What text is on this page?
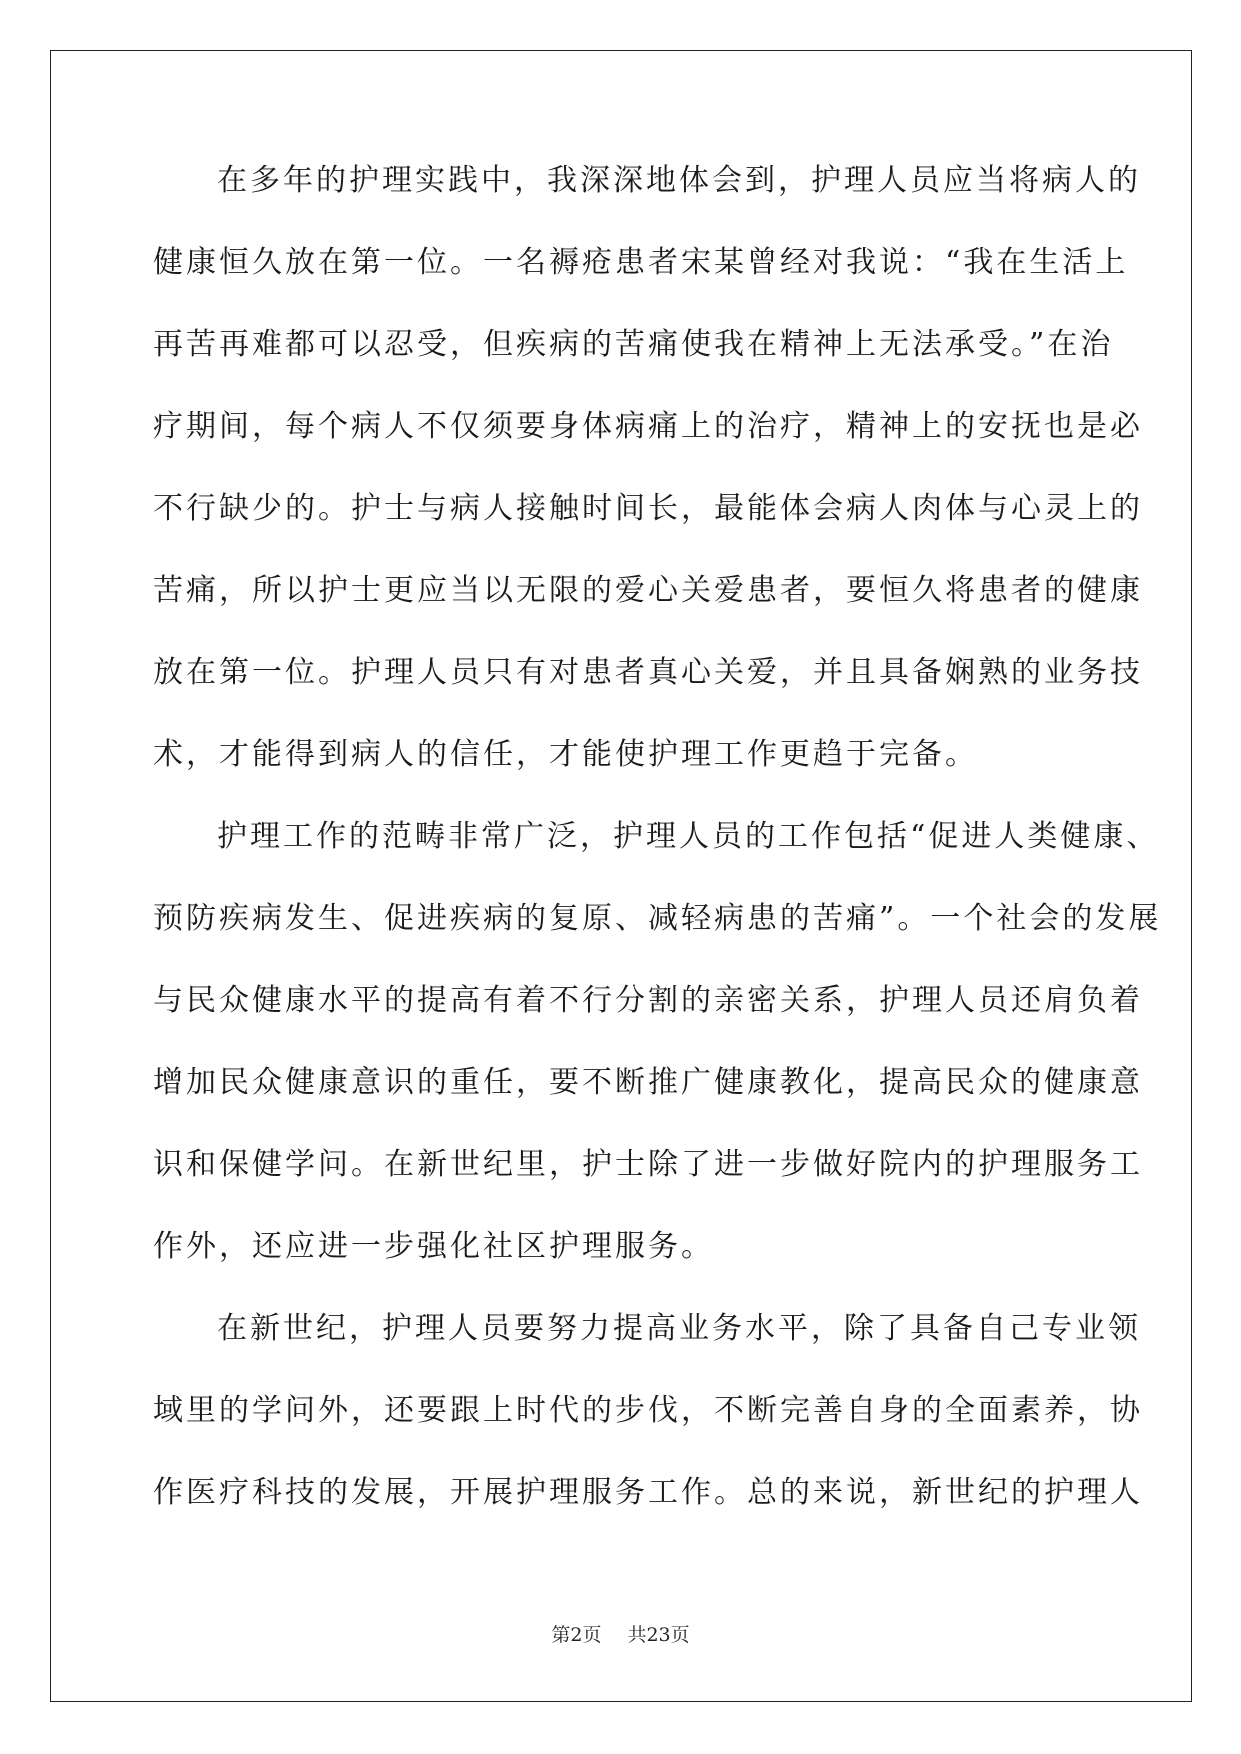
在多年的护理实践中，我深深地体会到，护理人员应当将病人的
健康恒久放在第一位。一名褥疮患者宋某曾经对我说：“我在生活上
再苦再难都可以忍受，但疾病的苦痛使我在精神上无法承受。”在治
疗期间，每个病人不仅须要身体病痛上的治疗，精神上的安抚也是必
不行缺少的。护士与病人接触时间长，最能体会病人肉体与心灵上的
苦痛，所以护士更应当以无限的爱心关爱患者，要恒久将患者的健康
放在第一位。护理人员只有对患者真心关爱，并且具备娴熟的业务技
术，才能得到病人的信任，才能使护理工作更趋于完备。
护理工作的范畴非常广泛，护理人员的工作包括“促进人类健康、
预防疾病发生、促进疾病的复原、减轻病患的苦痛”。一个社会的发展
与民众健康水平的提高有着不行分割的亲密关系，护理人员还肩负着
增加民众健康意识的重任，要不断推广健康教化，提高民众的健康意
识和保健学问。在新世纪里，护士除了进一步做好院内的护理服务工
作外，还应进一步强化社区护理服务。
在新世纪，护理人员要努力提高业务水平，除了具备自己专业领
域里的学问外，还要跟上时代的步伐，不断完善自身的全面素养，协
作医疗科技的发展，开展护理服务工作。总的来说，新世纪的护理人
第2页 共23页
